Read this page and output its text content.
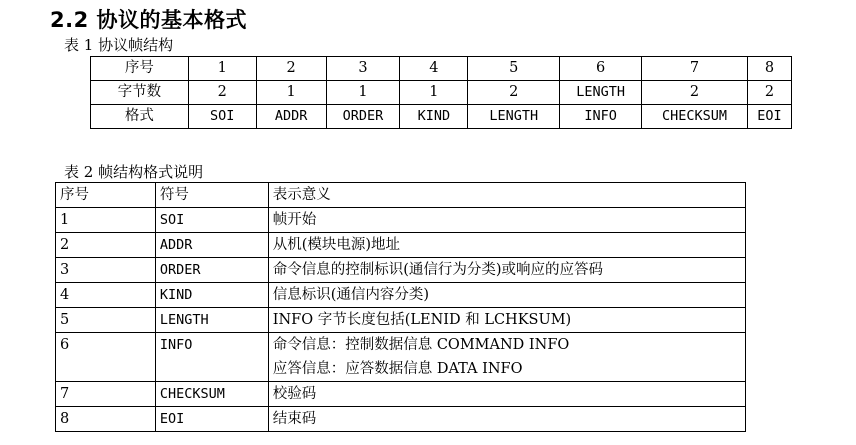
2.2 协议的基本格式
表 1 协议帧结构
序号	1	2	3	4	5	6	7	8
字节数	2	1	1	1	2	LENGTH	2	2
格式	SOI	ADDR	ORDER	KIND	LENGTH	INFO	CHECKSUM	EOI
表 2 帧结构格式说明
序号	符号	表示意义
1	SOI	帧开始

2	ADDR	从机(模块电源)地址

3	ORDER	命令信息的控制标识(通信行为分类)或响应的应答码

4	KIND	信息标识(通信内容分类)

5	LENGTH	INFO 字节长度包括(LENID 和 LCHKSUM)

6	INFO	命令信息：控制数据信息 COMMAND INFO
应答信息：应答数据信息 DATA INFO

7	CHECKSUM	校验码

8	EOI	结束码
